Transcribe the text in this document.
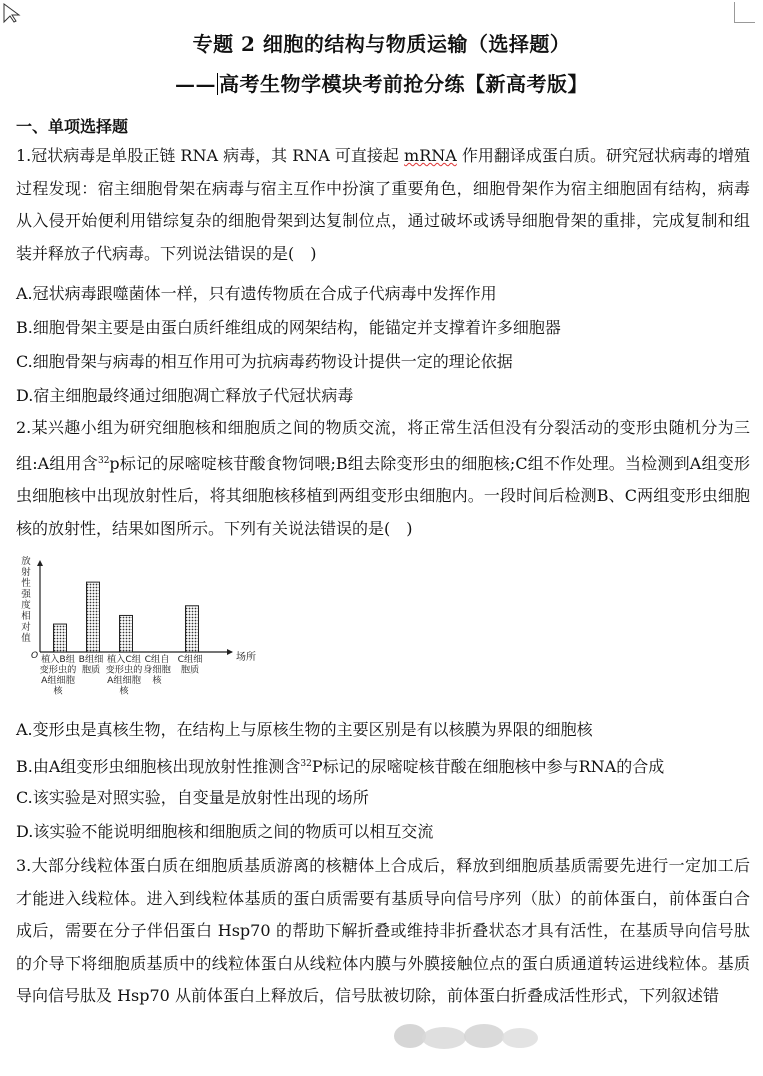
专题 2 细胞的结构与物质运输（选择题）
—— 高考生物学模块考前抢分练【新高考版】
一、单项选择题
1.冠状病毒是单股正链 RNA 病毒，其 RNA 可直接起 mRNA 作用翻译成蛋白质。研究冠状病毒的增殖过程发现：宿主细胞骨架在病毒与宿主互作中扮演了重要角色，细胞骨架作为宿主细胞固有结构，病毒从入侵开始便利用错综复杂的细胞骨架到达复制位点，通过破坏或诱导细胞骨架的重排，完成复制和组装并释放子代病毒。下列说法错误的是(　)
A.冠状病毒跟噬菌体一样，只有遗传物质在合成子代病毒中发挥作用
B.细胞骨架主要是由蛋白质纤维组成的网架结构，能锚定并支撑着许多细胞器
C.细胞骨架与病毒的相互作用可为抗病毒药物设计提供一定的理论依据
D.宿主细胞最终通过细胞凋亡释放子代冠状病毒
2.某兴趣小组为研究细胞核和细胞质之间的物质交流，将正常生活但没有分裂活动的变形虫随机分为三组:A组用含$^{32}$p标记的尿嘧啶核苷酸食物饲喂;B组去除变形虫的细胞核;C组不作处理。当检测到A组变形虫细胞核中出现放射性后，将其细胞核移植到两组变形虫细胞内。一段时间后检测B、C两组变形虫细胞核的放射性，结果如图所示。下列有关说法错误的是(　)
放
射
性
强
度
相
对
值
O	场所
植入B组
变形虫的
A组细胞
核
B组细
胞质
植入C组
变形虫的
A组细胞
核
C组自
身细胞
核
C组细
胞质
A.变形虫是真核生物，在结构上与原核生物的主要区别是有以核膜为界限的细胞核
B.由A组变形虫细胞核出现放射性推测含$^{32}$P标记的尿嘧啶核苷酸在细胞核中参与RNA的合成
C.该实验是对照实验，自变量是放射性出现的场所
D.该实验不能说明细胞核和细胞质之间的物质可以相互交流
3.大部分线粒体蛋白质在细胞质基质游离的核糖体上合成后，释放到细胞质基质需要先进行一定加工后才能进入线粒体。进入到线粒体基质的蛋白质需要有基质导向信号序列（肽）的前体蛋白，前体蛋白合成后，需要在分子伴侣蛋白 Hsp70 的帮助下解折叠或维持非折叠状态才具有活性，在基质导向信号肽的介导下将细胞质基质中的线粒体蛋白从线粒体内膜与外膜接触位点的蛋白质通道转运进线粒体。基质导向信号肽及 Hsp70 从前体蛋白上释放后，信号肽被切除，前体蛋白折叠成活性形式，下列叙述错
